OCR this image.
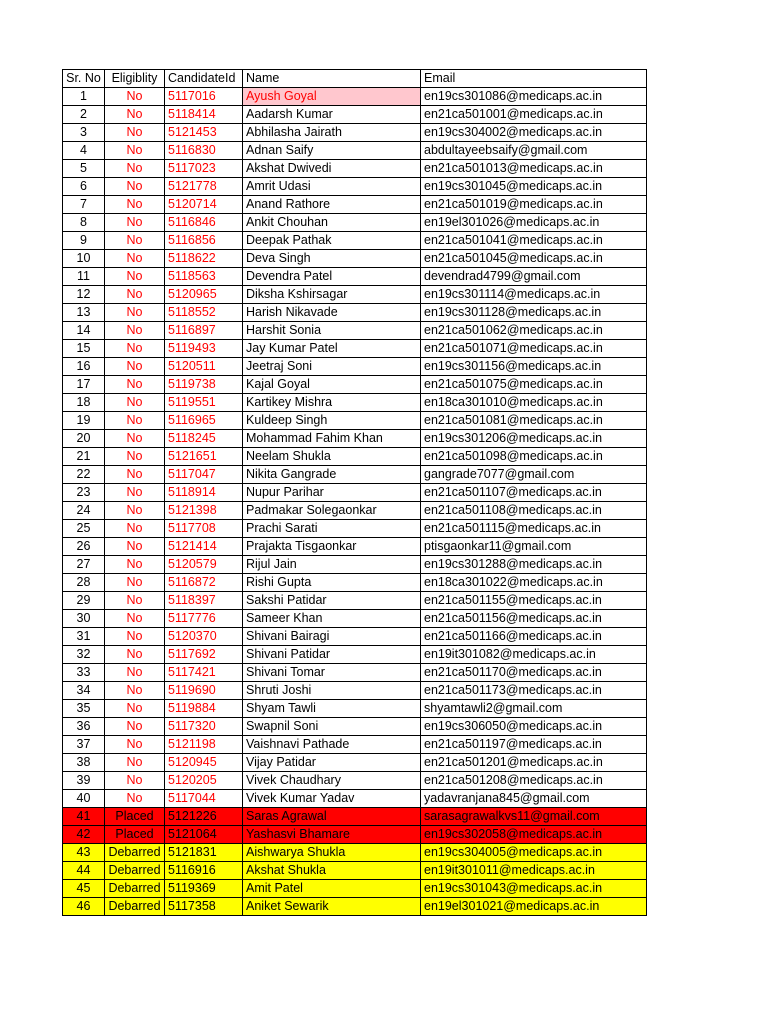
Sr. No	Eligiblity	CandidateId	Name	Email
1	No	5117016	Ayush Goyal	en19cs301086@medicaps.ac.in
2	No	5118414	Aadarsh Kumar	en21ca501001@medicaps.ac.in
3	No	5121453	Abhilasha Jairath	en19cs304002@medicaps.ac.in
4	No	5116830	Adnan Saify	abdultayeebsaify@gmail.com
5	No	5117023	Akshat Dwivedi	en21ca501013@medicaps.ac.in
6	No	5121778	Amrit Udasi	en19cs301045@medicaps.ac.in
7	No	5120714	Anand Rathore	en21ca501019@medicaps.ac.in
8	No	5116846	Ankit Chouhan	en19el301026@medicaps.ac.in
9	No	5116856	Deepak Pathak	en21ca501041@medicaps.ac.in
10	No	5118622	Deva Singh	en21ca501045@medicaps.ac.in
11	No	5118563	Devendra Patel	devendrad4799@gmail.com
12	No	5120965	Diksha Kshirsagar	en19cs301114@medicaps.ac.in
13	No	5118552	Harish Nikavade	en19cs301128@medicaps.ac.in
14	No	5116897	Harshit Sonia	en21ca501062@medicaps.ac.in
15	No	5119493	Jay Kumar Patel	en21ca501071@medicaps.ac.in
16	No	5120511	Jeetraj Soni	en19cs301156@medicaps.ac.in
17	No	5119738	Kajal Goyal	en21ca501075@medicaps.ac.in
18	No	5119551	Kartikey Mishra	en18ca301010@medicaps.ac.in
19	No	5116965	Kuldeep Singh	en21ca501081@medicaps.ac.in
20	No	5118245	Mohammad Fahim Khan	en19cs301206@medicaps.ac.in
21	No	5121651	Neelam Shukla	en21ca501098@medicaps.ac.in
22	No	5117047	Nikita Gangrade	gangrade7077@gmail.com
23	No	5118914	Nupur Parihar	en21ca501107@medicaps.ac.in
24	No	5121398	Padmakar Solegaonkar	en21ca501108@medicaps.ac.in
25	No	5117708	Prachi Sarati	en21ca501115@medicaps.ac.in
26	No	5121414	Prajakta Tisgaonkar	ptisgaonkar11@gmail.com
27	No	5120579	Rijul Jain	en19cs301288@medicaps.ac.in
28	No	5116872	Rishi Gupta	en18ca301022@medicaps.ac.in
29	No	5118397	Sakshi Patidar	en21ca501155@medicaps.ac.in
30	No	5117776	Sameer Khan	en21ca501156@medicaps.ac.in
31	No	5120370	Shivani Bairagi	en21ca501166@medicaps.ac.in
32	No	5117692	Shivani Patidar	en19it301082@medicaps.ac.in
33	No	5117421	Shivani Tomar	en21ca501170@medicaps.ac.in
34	No	5119690	Shruti Joshi	en21ca501173@medicaps.ac.in
35	No	5119884	Shyam Tawli	shyamtawli2@gmail.com
36	No	5117320	Swapnil Soni	en19cs306050@medicaps.ac.in
37	No	5121198	Vaishnavi Pathade	en21ca501197@medicaps.ac.in
38	No	5120945	Vijay Patidar	en21ca501201@medicaps.ac.in
39	No	5120205	Vivek Chaudhary	en21ca501208@medicaps.ac.in
40	No	5117044	Vivek Kumar Yadav	yadavranjana845@gmail.com
41	Placed	5121226	Saras Agrawal	sarasagrawalkvs11@gmail.com
42	Placed	5121064	Yashasvi Bhamare	en19cs302058@medicaps.ac.in
43	Debarred	5121831	Aishwarya Shukla	en19cs304005@medicaps.ac.in
44	Debarred	5116916	Akshat Shukla	en19it301011@medicaps.ac.in
45	Debarred	5119369	Amit Patel	en19cs301043@medicaps.ac.in
46	Debarred	5117358	Aniket Sewarik	en19el301021@medicaps.ac.in
